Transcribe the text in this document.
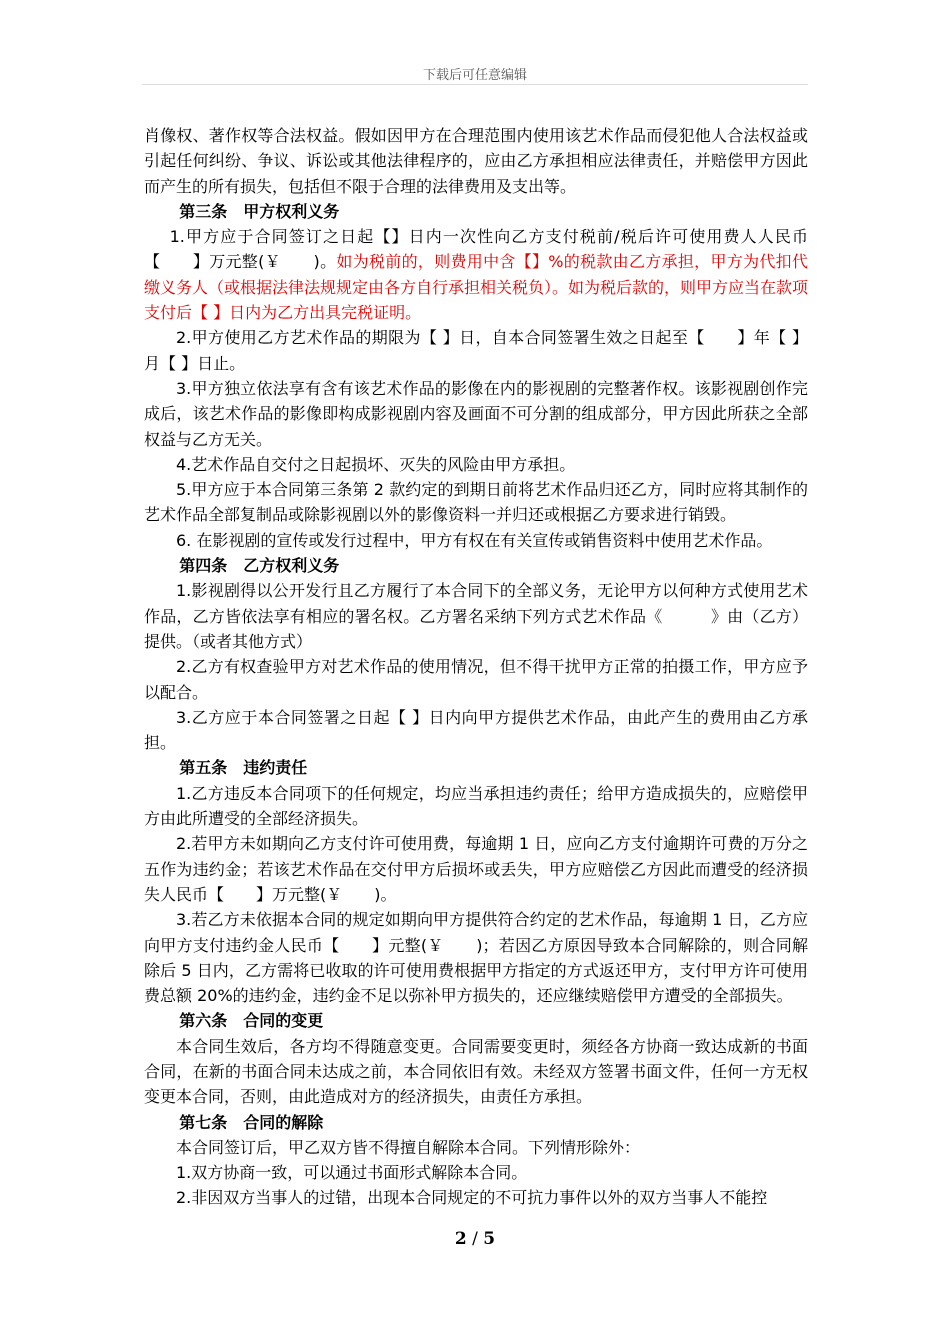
下载后可任意编辑

肖像权、著作权等合法权益。假如因甲方在合理范围内使用该艺术作品而侵犯他人合法权益或引起任何纠纷、争议、诉讼或其他法律程序的，应由乙方承担相应法律责任，并赔偿甲方因此而产生的所有损失，包括但不限于合理的法律费用及支出等。

第三条　甲方权利义务

1.甲方应于合同签订之日起【】日内一次性向乙方支付税前/税后许可使用费人人民币【　　】万元整(￥　　)。如为税前的，则费用中含【】%的税款由乙方承担，甲方为代扣代缴义务人（或根据法律法规规定由各方自行承担相关税负）。如为税后款的，则甲方应当在款项支付后【 】日内为乙方出具完税证明。

2.甲方使用乙方艺术作品的期限为【 】日，自本合同签署生效之日起至【　　】年【 】月【 】日止。

3.甲方独立依法享有含有该艺术作品的影像在内的影视剧的完整著作权。该影视剧创作完成后，该艺术作品的影像即构成影视剧内容及画面不可分割的组成部分，甲方因此所获之全部权益与乙方无关。

4.艺术作品自交付之日起损坏、灭失的风险由甲方承担。

5.甲方应于本合同第三条第 2 款约定的到期日前将艺术作品归还乙方，同时应将其制作的艺术作品全部复制品或除影视剧以外的影像资料一并归还或根据乙方要求进行销毁。

6. 在影视剧的宣传或发行过程中，甲方有权在有关宣传或销售资料中使用艺术作品。

第四条　乙方权利义务

1.影视剧得以公开发行且乙方履行了本合同下的全部义务，无论甲方以何种方式使用艺术作品，乙方皆依法享有相应的署名权。乙方署名采纳下列方式艺术作品《　　　》由（乙方）提供。（或者其他方式）

2.乙方有权查验甲方对艺术作品的使用情况，但不得干扰甲方正常的拍摄工作，甲方应予以配合。

3.乙方应于本合同签署之日起【 】日内向甲方提供艺术作品，由此产生的费用由乙方承担。

第五条　违约责任

1.乙方违反本合同项下的任何规定，均应当承担违约责任；给甲方造成损失的，应赔偿甲方由此所遭受的全部经济损失。

2.若甲方未如期向乙方支付许可使用费，每逾期 1 日，应向乙方支付逾期许可费的万分之五作为违约金；若该艺术作品在交付甲方后损坏或丢失，甲方应赔偿乙方因此而遭受的经济损失人民币【　　】万元整(￥　　)。

3.若乙方未依据本合同的规定如期向甲方提供符合约定的艺术作品，每逾期 1 日，乙方应向甲方支付违约金人民币【　　】元整(￥　　)；若因乙方原因导致本合同解除的，则合同解除后 5 日内，乙方需将已收取的许可使用费根据甲方指定的方式返还甲方，支付甲方许可使用费总额 20%的违约金，违约金不足以弥补甲方损失的，还应继续赔偿甲方遭受的全部损失。

第六条　合同的变更

本合同生效后，各方均不得随意变更。合同需要变更时，须经各方协商一致达成新的书面合同，在新的书面合同未达成之前，本合同依旧有效。未经双方签署书面文件，任何一方无权变更本合同，否则，由此造成对方的经济损失，由责任方承担。

第七条　合同的解除

本合同签订后，甲乙双方皆不得擅自解除本合同。下列情形除外：

1.双方协商一致，可以通过书面形式解除本合同。

2.非因双方当事人的过错，出现本合同规定的不可抗力事件以外的双方当事人不能控

2 / 5
